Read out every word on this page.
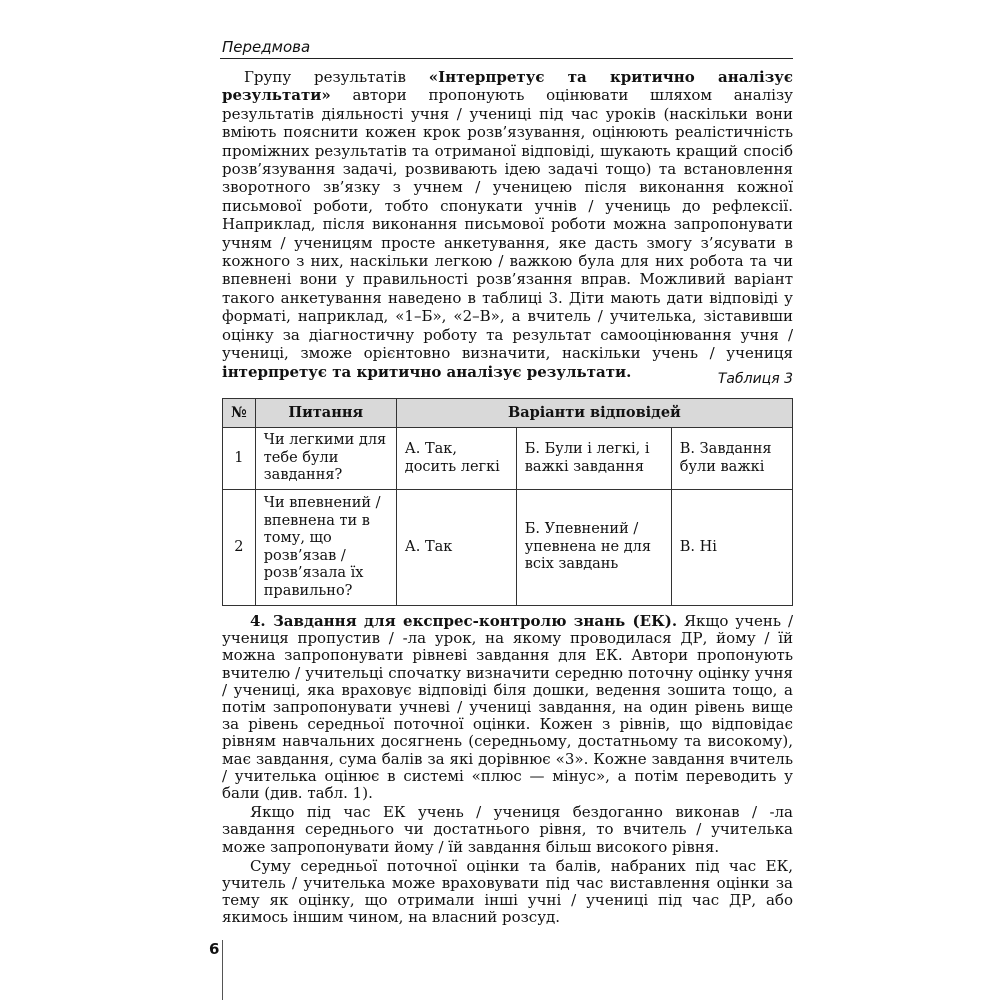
Передмова

Групу результатів «Інтерпретує та критично аналізує результати» автори пропонують оцінювати шляхом аналізу результатів діяльності учня / учениці під час уроків (наскільки вони вміють пояснити кожен крок розв’язування, оцінюють реалістичність проміжних результатів та отриманої відповіді, шукають кращий спосіб розв’язування задачі, розвивають ідею задачі тощо) та встановлення зворотного зв’язку з учнем / ученицею після виконання кожної письмової роботи, тобто спонукати учнів / учениць до рефлексії. Наприклад, після виконання письмової роботи можна запропонувати учням / ученицям просте анкетування, яке дасть змогу з’ясувати в кожного з них, наскільки легкою / важкою була для них робота та чи впевнені вони у правильності розв’язання вправ. Можливий варіант такого анкетування наведено в таблиці 3. Діти мають дати відповіді у форматі, наприклад, «1–Б», «2–В», а вчитель / учителька, зіставивши оцінку за діагностичну роботу та результат самооцінювання учня / учениці, зможе орієнтовно визначити, наскільки учень / учениця інтерпретує та критично аналізує результати.	Таблиця 3
№	Питання	Варіанти відповідей		
1	Чи легкими для тебе були завдання?	А. Так, досить легкі	Б. Були і легкі, і важкі завдання	В. Завдання були важкі
2	Чи впевнений / впевнена ти в тому, що розв’язав / розв’язала їх правильно?	А. Так	Б. Упевнений / упевнена не для всіх завдань	В. Ні

4. Завдання для експрес-контролю знань (ЕК). Якщо учень / учениця пропустив / -ла урок, на якому проводилася ДР, йому / їй можна запропонувати рівневі завдання для ЕК. Автори пропонують вчителю / учительці спочатку визначити середню поточну оцінку учня / учениці, яка враховує відповіді біля дошки, ведення зошита тощо, а потім запропонувати учневі / учениці завдання, на один рівень вище за рівень середньої поточної оцінки. Кожен з рівнів, що відповідає рівням навчальних досягнень (середньому, достатньому та високому), має завдання, сума балів за які дорівнює «3». Кожне завдання вчитель / учителька оцінює в системі «плюс — мінус», а потім переводить у бали (див. табл. 1).

Якщо під час ЕК учень / учениця бездоганно виконав / -ла завдання середнього чи достатнього рівня, то вчитель / учителька може запропонувати йому / їй завдання більш високого рівня.

Суму середньої поточної оцінки та балів, набраних під час ЕК, учитель / учителька може враховувати під час виставлення оцінки за тему як оцінку, що отримали інші учні / учениці під час ДР, або якимось іншим чином, на власний розсуд.

6
